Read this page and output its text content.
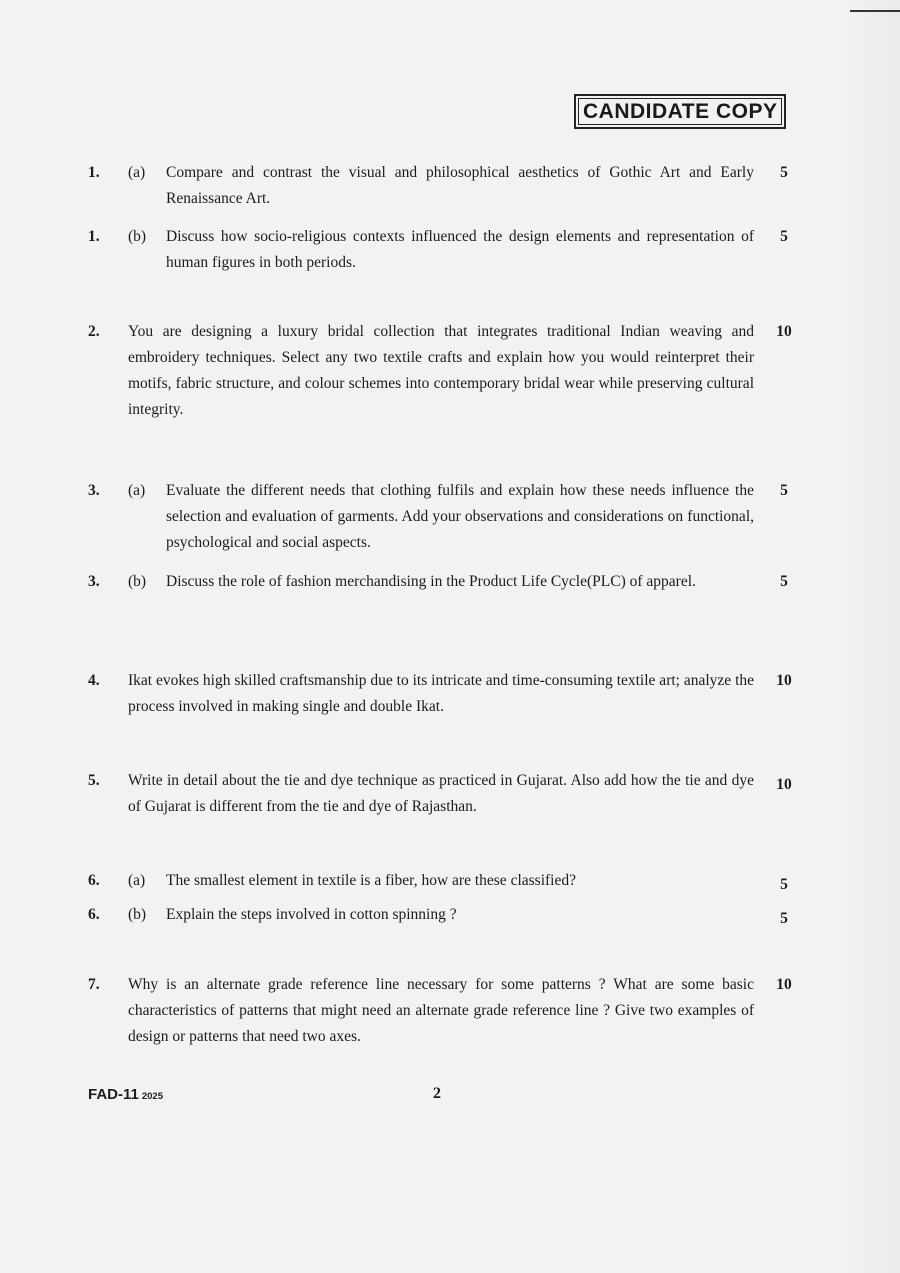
CANDIDATE COPY
1. (a) Compare and contrast the visual and philosophical aesthetics of Gothic Art and Early Renaissance Art.
5
1. (b) Discuss how socio-religious contexts influenced the design elements and representation of human figures in both periods.
5
2. You are designing a luxury bridal collection that integrates traditional Indian weaving and embroidery techniques. Select any two textile crafts and explain how you would reinterpret their motifs, fabric structure, and colour schemes into contemporary bridal wear while preserving cultural integrity.
10
3. (a) Evaluate the different needs that clothing fulfils and explain how these needs influence the selection and evaluation of garments. Add your observations and considerations on functional, psychological and social aspects.
5
3. (b) Discuss the role of fashion merchandising in the Product Life Cycle(PLC) of apparel.	5
4. Ikat evokes high skilled craftsmanship due to its intricate and time-consuming textile art; analyze the process involved in making single and double Ikat.
10
5. Write in detail about the tie and dye technique as practiced in Gujarat. Also add how the tie and dye of Gujarat is different from the tie and dye of Rajasthan.
10
6. (a) The smallest element in textile is a fiber, how are these classified?	5
6. (b) Explain the steps involved in cotton spinning ?	5
7. Why is an alternate grade reference line necessary for some patterns ? What are some basic characteristics of patterns that might need an alternate grade reference line ? Give two examples of design or patterns that need two axes.
10
FAD-11 2025	2
